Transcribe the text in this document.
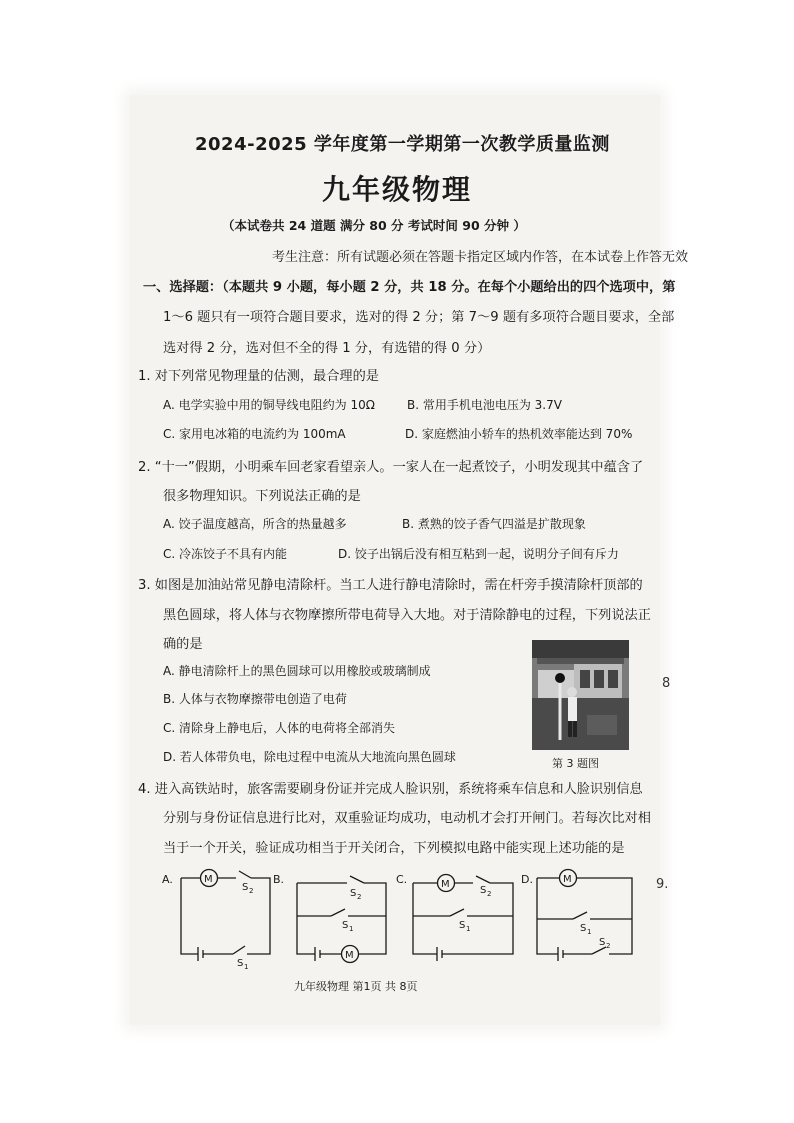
2024-2025 学年度第一学期第一次教学质量监测
九年级物理
（本试卷共 24 道题 满分 80 分 考试时间 90 分钟 ）
考生注意：所有试题必须在答题卡指定区域内作答，在本试卷上作答无效
一、选择题：（本题共 9 小题，每小题 2 分，共 18 分。在每个小题给出的四个选项中，第
1～6 题只有一项符合题目要求，选对的得 2 分；第 7～9 题有多项符合题目要求，全部
选对得 2 分，选对但不全的得 1 分，有选错的得 0 分）
1. 对下列常见物理量的估测，最合理的是
A. 电学实验中用的铜导线电阻约为 10Ω	B. 常用手机电池电压为 3.7V
C. 家用电冰箱的电流约为 100mA	D. 家庭燃油小轿车的热机效率能达到 70%
2. “十一”假期，小明乘车回老家看望亲人。一家人在一起煮饺子，小明发现其中蕴含了
很多物理知识。下列说法正确的是
A. 饺子温度越高，所含的热量越多	B. 煮熟的饺子香气四溢是扩散现象
C. 冷冻饺子不具有内能	D. 饺子出锅后没有相互粘到一起，说明分子间有斥力
3. 如图是加油站常见静电清除杆。当工人进行静电清除时，需在杆旁手摸清除杆顶部的
黑色圆球，将人体与衣物摩擦所带电荷导入大地。对于清除静电的过程，下列说法正
确的是
A. 静电清除杆上的黑色圆球可以用橡胶或玻璃制成
B. 人体与衣物摩擦带电创造了电荷
C. 清除身上静电后，人体的电荷将全部消失
D. 若人体带负电，除电过程中电流从大地流向黑色圆球	第 3 题图
4. 进入高铁站时，旅客需要刷身份证并完成人脸识别，系统将乘车信息和人脸识别信息
分别与身份证信息进行比对，双重验证均成功，电动机才会打开闸门。若每次比对相
当于一个开关，验证成功相当于开关闭合，下列模拟电路中能实现上述功能的是
A.	B.	C.	D.
M
M
M	M
S 2
S 1
S 2
S 1
S 2
S 1	S 1
S 2
8
9.
九年级物理 第1页 共 8页
